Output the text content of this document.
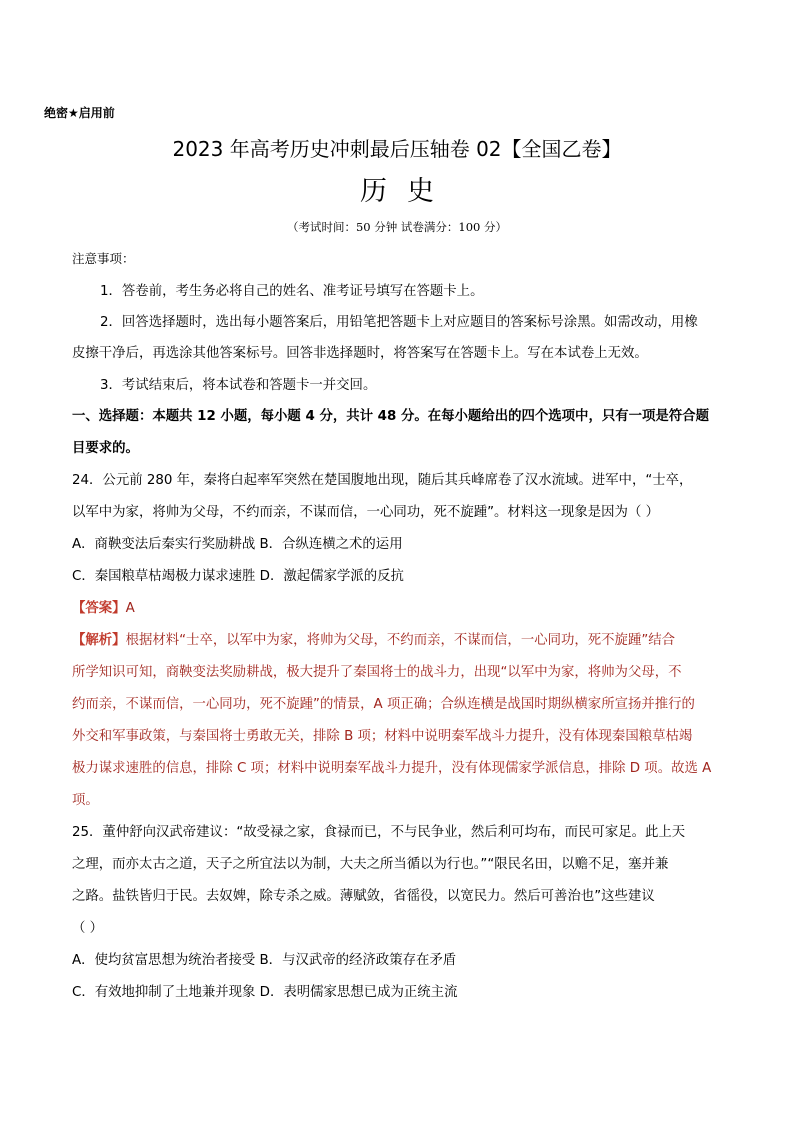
绝密★启用前
2023 年高考历史冲刺最后压轴卷 02【全国乙卷】
历史
（考试时间：50 分钟 试卷满分：100 分）
注意事项：
1．答卷前，考生务必将自己的姓名、准考证号填写在答题卡上。
2．回答选择题时，选出每小题答案后，用铅笔把答题卡上对应题目的答案标号涂黑。如需改动，用橡
皮擦干净后，再选涂其他答案标号。回答非选择题时，将答案写在答题卡上。写在本试卷上无效。
3．考试结束后，将本试卷和答题卡一并交回。
一、选择题：本题共 12 小题，每小题 4 分，共计 48 分。在每小题给出的四个选项中，只有一项是符合题
目要求的。
24．公元前 280 年，秦将白起率军突然在楚国腹地出现，随后其兵峰席卷了汉水流域。进军中，“士卒，
以军中为家，将帅为父母，不约而亲，不谋而信，一心同功，死不旋踵”。材料这一现象是因为（ ）
A．商鞅变法后秦实行奖励耕战 B．合纵连横之术的运用
C．秦国粮草枯竭极力谋求速胜 D．激起儒家学派的反抗
【答案】A
【解析】根据材料“士卒，以军中为家，将帅为父母，不约而亲，不谋而信，一心同功，死不旋踵”结合
所学知识可知，商鞅变法奖励耕战，极大提升了秦国将士的战斗力，出现“以军中为家，将帅为父母，不
约而亲，不谋而信，一心同功，死不旋踵”的情景，A 项正确；合纵连横是战国时期纵横家所宣扬并推行的
外交和军事政策，与秦国将士勇敢无关，排除 B 项；材料中说明秦军战斗力提升，没有体现秦国粮草枯竭
极力谋求速胜的信息，排除 C 项；材料中说明秦军战斗力提升，没有体现儒家学派信息，排除 D 项。故选 A
项。
25．董仲舒向汉武帝建议：“故受禄之家，食禄而已，不与民争业，然后利可均布，而民可家足。此上天
之理，而亦太古之道，天子之所宜法以为制，大夫之所当循以为行也。”“限民名田，以赡不足，塞并兼
之路。盐铁皆归于民。去奴婢，除专杀之威。薄赋敛，省徭役，以宽民力。然后可善治也”这些建议
（ ）
A．使均贫富思想为统治者接受 B．与汉武帝的经济政策存在矛盾
C．有效地抑制了土地兼并现象 D．表明儒家思想已成为正统主流
